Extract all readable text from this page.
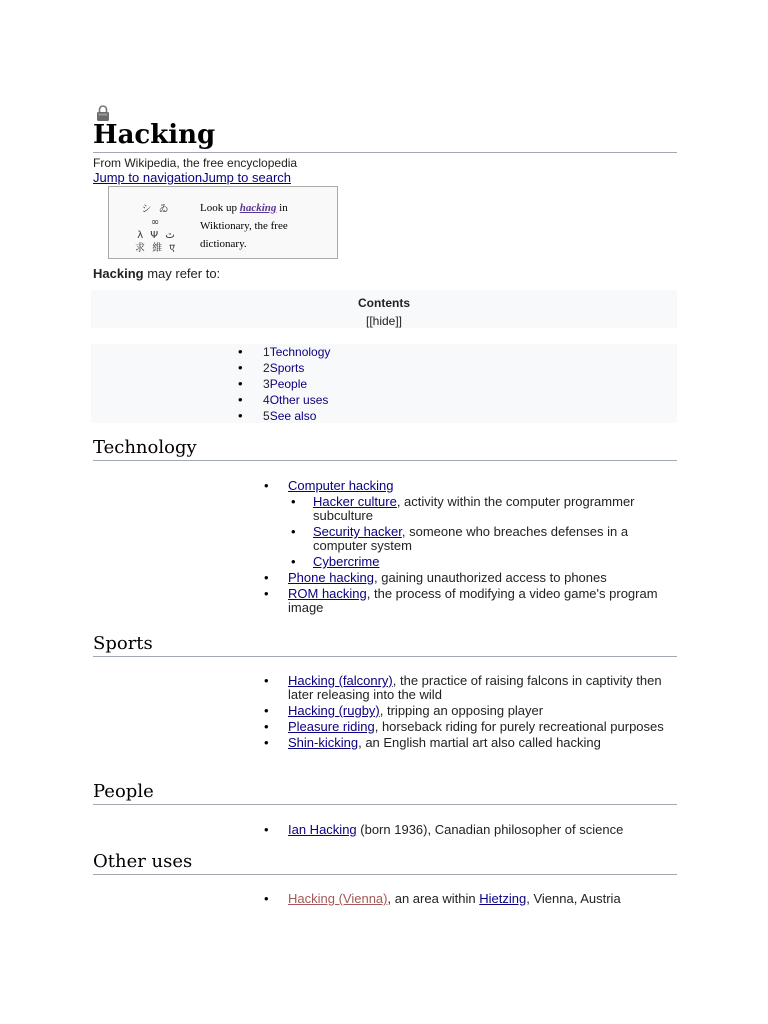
Hacking
From Wikipedia, the free encyclopedia
Jump to navigationJump to search
シ ゐ ∞
λ Ψ ٿ
求 維 ए
Look up hacking in Wiktionary, the free dictionary.
Hacking may refer to:
Contents
[[hide]]
• 1Technology
• 2Sports
• 3People
• 4Other uses
• 5See also
Technology
• Computer hacking
• Hacker culture, activity within the computer programmer subculture
• Security hacker, someone who breaches defenses in a computer system
• Cybercrime
• Phone hacking, gaining unauthorized access to phones
• ROM hacking, the process of modifying a video game's program image
Sports
• Hacking (falconry), the practice of raising falcons in captivity then later releasing into the wild
• Hacking (rugby), tripping an opposing player
• Pleasure riding, horseback riding for purely recreational purposes
• Shin-kicking, an English martial art also called hacking
People
• Ian Hacking (born 1936), Canadian philosopher of science
Other uses
• Hacking (Vienna), an area within Hietzing, Vienna, Austria
